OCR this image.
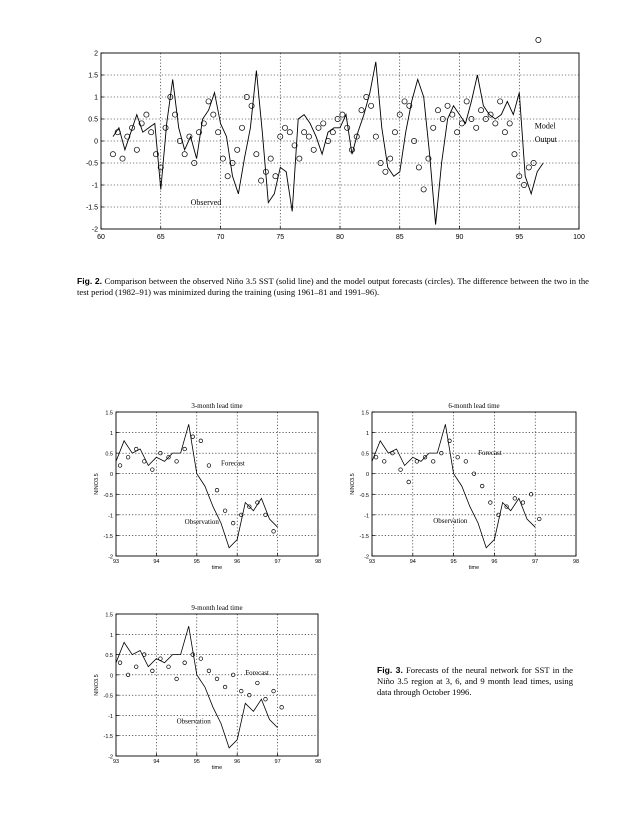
60	65	70	75	80	85	90	95	100
-2
-1.5
-1
-0.5
0
0.5
1
1.5
2
Observed
Model
Output
Fig. 2. Comparison between the observed Niño 3.5 SST (solid line) and the model output forecasts (circles). The difference between the two in the test period (1982–91) was minimized during the training (using 1961–81 and 1991–96).
93	94	95	96	97	98
-2
-1.5
-1
-0.5
0
0.5
1
1.5
3-month lead time
time
NINO3.5
Forecast
Observation
93	94	95	96	97	98
-2
-1.5
-1
-0.5
0
0.5
1
1.5
6-month lead time
time
NINO3.5
Forecast
Observation
93	94	95	96	97	98
-2
-1.5
-1
-0.5
0
0.5
1
1.5
9-month lead time
time
NINO3.5
Forecast
Observation
Fig. 3. Forecasts of the neural network for SST in the Niño 3.5 region at 3, 6, and 9 month lead times, using data through October 1996.
